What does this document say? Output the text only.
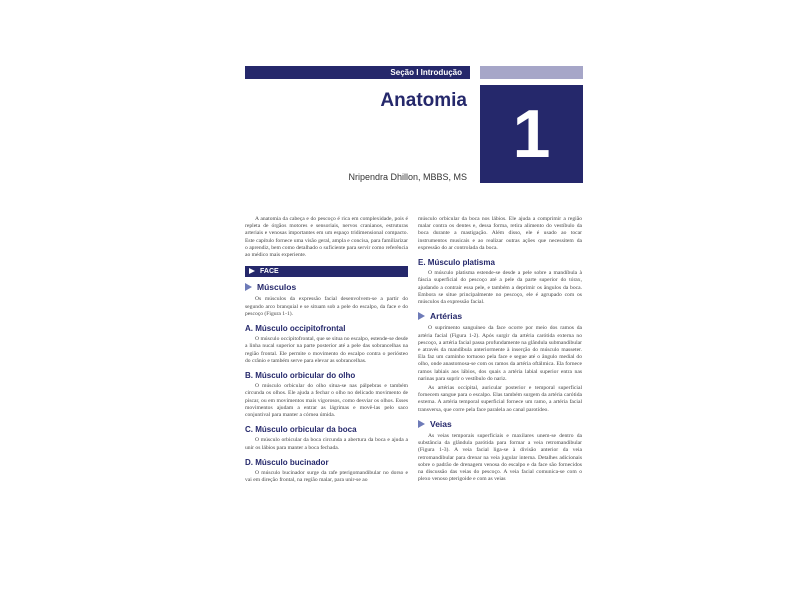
Seção I Introdução
Anatomia 1
Nripendra Dhillon, MBBS, MS

A anatomia da cabeça e do pescoço é rica em complexidade, pois é repleta de órgãos motores e sensoriais, nervos cranianos, estruturas arteriais e venosas importantes em um espaço tridimensional compacto. Este capítulo fornece uma visão geral, ampla e concisa, para familiarizar o aprendiz, bem como detalhado o suficiente para servir como referência ao médico mais experiente.

FACE
Músculos

Os músculos da expressão facial desenvolvem-se a partir do segundo arco branquial e se situam sob a pele do escalpo, da face e do pescoço (Figura 1-1).

A. Músculo occipitofrontal

O músculo occipitofrontal, que se situa no escalpo, estende-se desde a linha nucal superior na parte posterior até a pele das sobrancelhas na região frontal. Ele permite o movimento do escalpo contra o periósteo do crânio e também serve para elevar as sobrancelhas.

B. Músculo orbicular do olho

O músculo orbicular do olho situa-se nas pálpebras e também circunda os olhos. Ele ajuda a fechar o olho no delicado movimento de piscar, ou em movimentos mais vigorosos, como desviar os olhos. Esses movimentos ajudam a entrar as lágrimas e movê-las pelo saco conjuntival para manter a córnea úmida.

C. Músculo orbicular da boca

O músculo orbicular da boca circunda a abertura da boca e ajuda a unir os lábios para manter a boca fechada.

D. Músculo bucinador

O músculo bucinador surge da rafe pterigomandibular no dorso e vai em direção frontal, na região malar, para unir-se ao

músculo orbicular da boca nos lábios. Ele ajuda a comprimir a região malar contra os dentes e, dessa forma, retira alimento do vestíbulo da boca durante a mastigação. Além disso, ele é usado ao tocar instrumentos musicais e ao realizar outras ações que necessitem da expressão do ar controlada da boca.

E. Músculo platisma

O músculo platisma estende-se desde a pele sobre a mandíbula à fáscia superficial do pescoço até a pele da parte superior do tórax, ajudando a contrair essa pele, e também a deprimir os ângulos da boca. Embora se situe principalmente no pescoço, ele é agrupado com os músculos da expressão facial.

Artérias

O suprimento sanguíneo da face ocorre por meio dos ramos da artéria facial (Figura 1-2). Após surgir da artéria carótida externa no pescoço, a artéria facial passa profundamente na glândula submandibular e através da mandíbula anteriormente à inserção do músculo masseter. Ela faz um caminho tortuoso pela face e segue até o ângulo medial do olho, onde anastomosa-se com os ramos da artéria oftálmica. Ela fornece ramos labiais aos lábios, dos quais a artéria labial superior entra nas narinas para suprir o vestíbulo do nariz.

As artérias occipital, auricular posterior e temporal superficial fornecem sangue para o escalpo. Elas também surgem da artéria carótida externa. A artéria temporal superficial fornece um ramo, a artéria facial transversa, que corre pela face paralela ao canal parotídeo.

Veias

As veias temporais superficiais e maxilares unem-se dentro da substância da glândula parótida para formar a veia retromandibular (Figura 1-3). A veia facial liga-se à divisão anterior da veia retromandibular para drenar na veia jugular interna. Detalhes adicionais sobre o padrão de drenagem venosa do escalpo e da face são fornecidos na discussão das veias do pescoço. A veia facial comunica-se com o plexo venoso pterigoide e com as veias
